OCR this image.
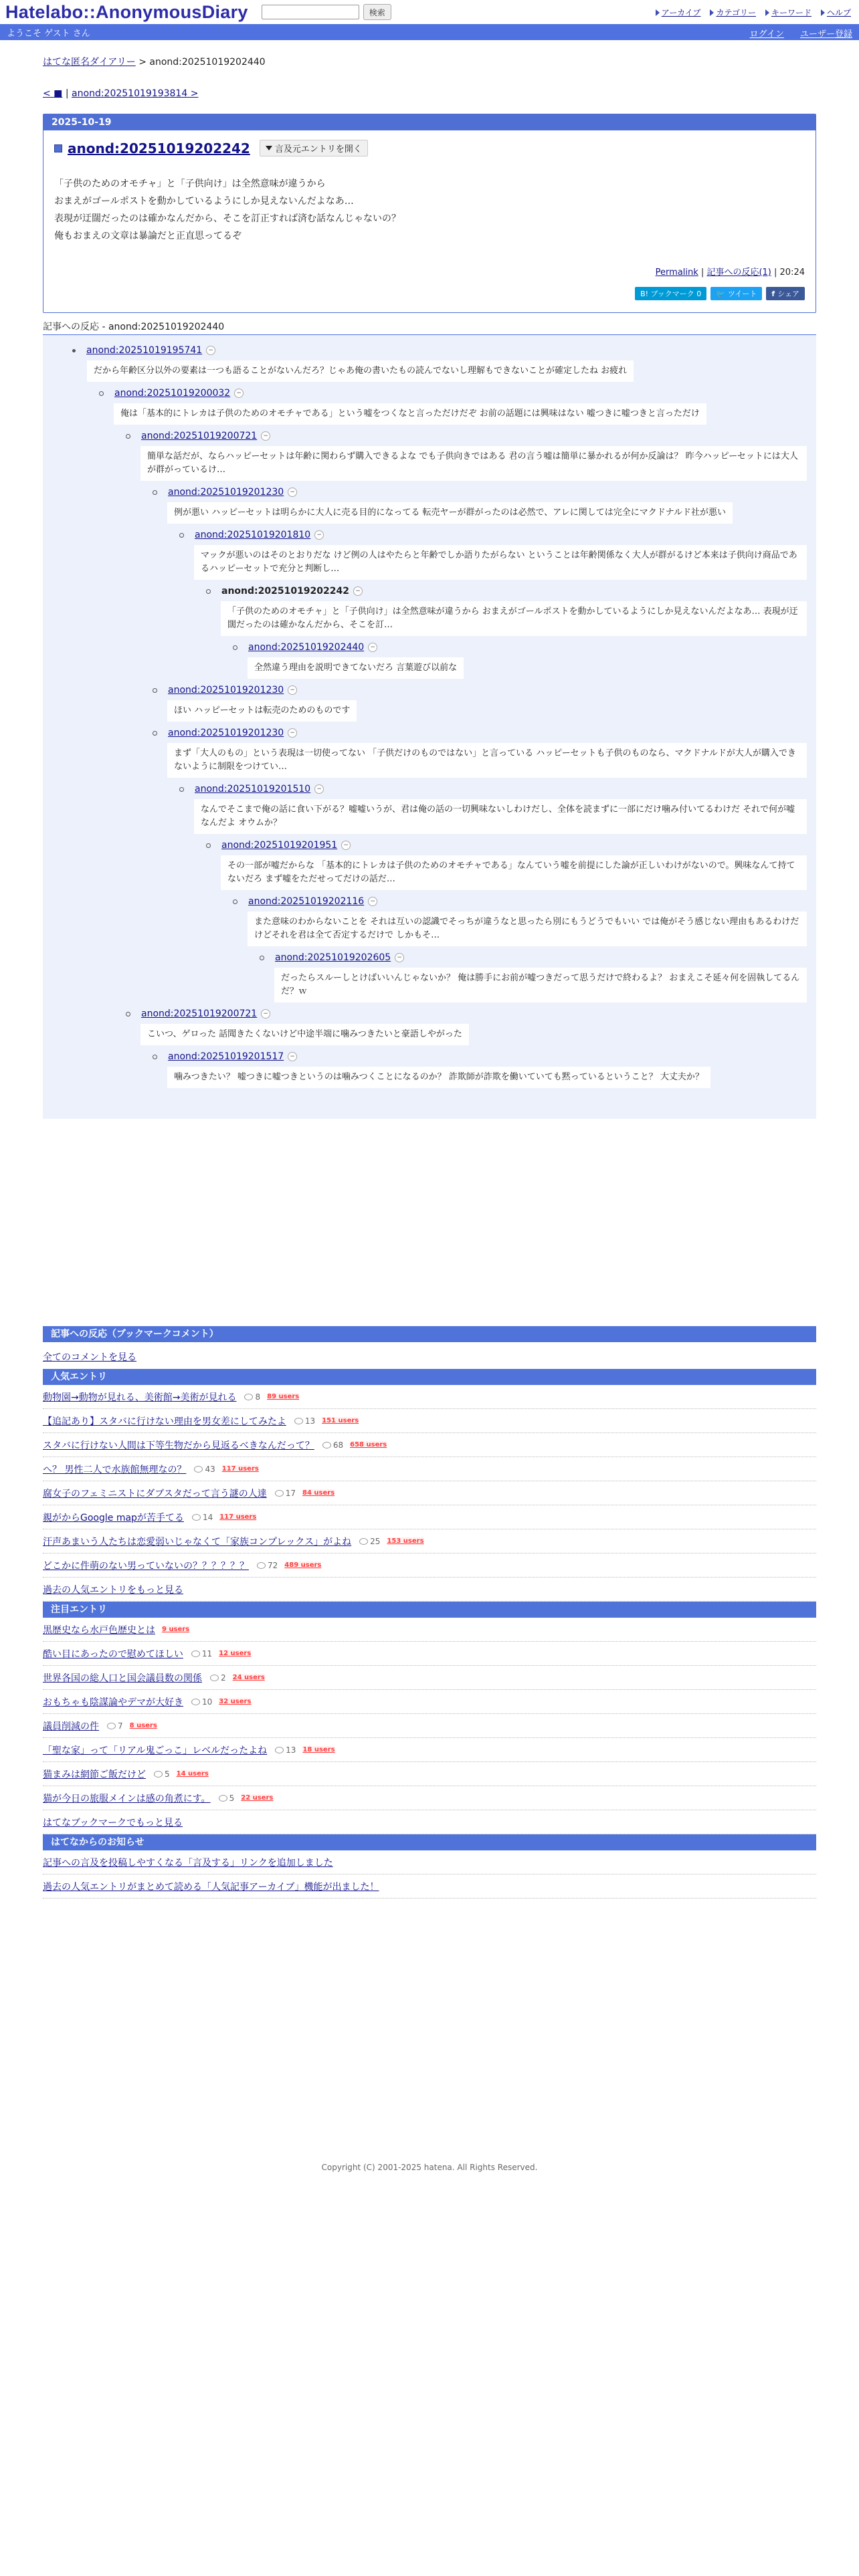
Hatelabo::AnonymousDiary	検索	アーカイブ カテゴリー キーワード ヘルプ
ようこそ ゲスト さん	ログイン ユーザー登録
はてな匿名ダイアリー > anond:20251019202440
< ■ | anond:20251019193814 >
2025-10-19
anond:20251019202242	言及元エントリを開く

「子供のためのオモチャ」と「子供向け」は全然意味が違うから

おまえがゴールポストを動かしているようにしか見えないんだよなあ…

表現が迂闊だったのは確かなんだから、そこを訂正すれば済む話なんじゃないの？

俺もおまえの文章は暴論だと正直思ってるぞ

Permalink | 記事への反応(1) | 20:24
B! ブックマーク 0	🐦 ツイート f シェア
記事への反応 - anond:20251019202440
anond:20251019195741	−
だから年齢区分以外の要素は一つも語ることがないんだろ？じゃあ俺の書いたもの読んでないし理解もできないことが確定したね お疲れ
anond:20251019200032	−
俺は「基本的にトレカは子供のためのオモチャである」という嘘をつくなと言っただけだぞ お前の話題には興味はない 嘘つきに嘘つきと言っただけ
anond:20251019200721	−
簡単な話だが、ならハッピーセットは年齢に関わらず購入できるよな でも子供向きではある 君の言う嘘は簡単に暴かれるが何か反論は？ 昨今ハッピーセットには大人が群がっているけ…
anond:20251019201230	−
例が悪い ハッピーセットは明らかに大人に売る目的になってる 転売ヤーが群がったのは必然で、アレに関しては完全にマクドナルド社が悪い
anond:20251019201810	−
マックが悪いのはそのとおりだな けど例の人はやたらと年齢でしか語りたがらない ということは年齢関係なく大人が群がるけど本来は子供向け商品であるハッピーセットで充分と判断し…
anond:20251019202242	−
「子供のためのオモチャ」と「子供向け」は全然意味が違うから おまえがゴールポストを動かしているようにしか見えないんだよなあ… 表現が迂闊だったのは確かなんだから、そこを訂…
anond:20251019202440	−
全然違う理由を説明できてないだろ 言葉遊び以前な
anond:20251019201230	−
ほい ハッピーセットは転売のためのものです
anond:20251019201230	−
まず「大人のもの」という表現は一切使ってない 「子供だけのものではない」と言っている ハッピーセットも子供のものなら、マクドナルドが大人が購入できないように制限をつけてい…
anond:20251019201510	−
なんでそこまで俺の話に食い下がる？嘘嘘いうが、君は俺の話の一切興味ないしわけだし、全体を読まずに一部にだけ噛み付いてるわけだ それで何が嘘なんだよ オウムか？
anond:20251019201951	−
その一部が嘘だからな 「基本的にトレカは子供のためのオモチャである」なんていう嘘を前提にした論が正しいわけがないので。興味なんて持てないだろ まず嘘をただせってだけの話だ…
anond:20251019202116	−
また意味のわからないことを それは互いの認識でそっちが違うなと思ったら別にもうどうでもいい では俺がそう感じない理由もあるわけだ けどそれを君は全て否定するだけで しかもそ…
anond:20251019202605	−
だったらスルーしとけばいいんじゃないか？ 俺は勝手にお前が嘘つきだって思うだけで終わるよ？ おまえこそ延々何を固執してるんだ？ｗ
anond:20251019200721	−
こいつ、ゲロった 話聞きたくないけど中途半端に噛みつきたいと豪語しやがった
anond:20251019201517	−
噛みつきたい？ 嘘つきに嘘つきというのは噛みつくことになるのか？ 詐欺師が詐欺を働いていても黙っているということ？ 大丈夫か？
記事への反応（ブックマークコメント）
全てのコメントを見る
人気エントリ
動物園→動物が見れる、美術館→美術が見れる 8 89 users
【追記あり】スタバに行けない理由を男女差にしてみたよ 13 151 users
スタバに行けない人間は下等生物だから見返るべきなんだって？ 68 658 users
へ？ 男性二人で水族館無理なの？ 43 117 users
腐女子のフェミニストにダブスタだって言う謎の人達 17 84 users
親がからGoogle mapが苦手てる 14 117 users
汗声あまいう人たちは恋愛弱いじゃなくて「家族コンプレックス」がよね 25 153 users
どこかに件萌のない男っていないの？？？？？？ 72 489 users
過去の人気エントリをもっと見る
注目エントリ
黒歴史なら水戸色歴史とは 9 users
酷い目にあったので慰めてほしい 11 12 users
世界各国の総人口と国会議員数の関係 2 24 users
おもちゃも陰謀論やデマが大好き 10 32 users
議員削減の件 7 8 users
「聖な家」って「リアル鬼ごっこ」レベルだったよね 13 18 users
猫まみは網節ご飯だけど 5 14 users
猫が今日の旅服メインは感の角煮にす。 5 22 users
はてなブックマークでもっと見る
はてなからのお知らせ
記事への言及を投稿しやすくなる「言及する」リンクを追加しました
過去の人気エントリがまとめて読める「人気記事アーカイブ」機能が出ました！
Copyright (C) 2001-2025 hatena. All Rights Reserved.
